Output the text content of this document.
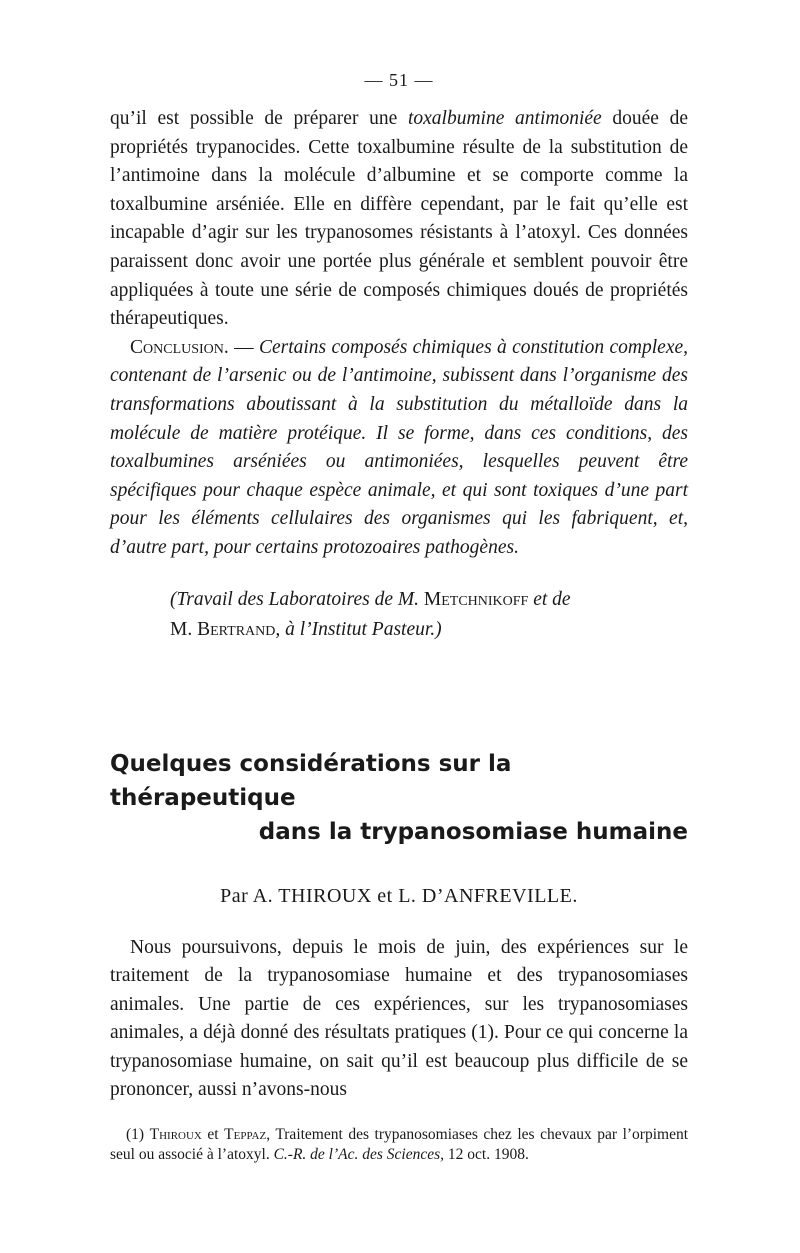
— 51 —

qu’il est possible de préparer une toxalbumine antimoniée douée de propriétés trypanocides. Cette toxalbumine résulte de la substitution de l’antimoine dans la molécule d’albumine et se comporte comme la toxalbumine arséniée. Elle en diffère cependant, par le fait qu’elle est incapable d’agir sur les trypanosomes résistants à l’atoxyl. Ces données paraissent donc avoir une portée plus générale et semblent pouvoir être appliquées à toute une série de composés chimiques doués de propriétés thérapeutiques.

Conclusion. — Certains composés chimiques à constitution complexe, contenant de l’arsenic ou de l’antimoine, subissent dans l’organisme des transformations aboutissant à la substitution du métalloïde dans la molécule de matière protéique. Il se forme, dans ces conditions, des toxalbumines arséniées ou antimoniées, lesquelles peuvent être spécifiques pour chaque espèce animale, et qui sont toxiques d’une part pour les éléments cellulaires des organismes qui les fabriquent, et, d’autre part, pour certains protozoaires pathogènes.

(Travail des Laboratoires de M. Metchnikoff et de
M. Bertrand, à l’Institut Pasteur.)
Quelques considérations sur la thérapeutique
dans la trypanosomiase humaine
Par A. THIROUX et L. D’ANFREVILLE.

Nous poursuivons, depuis le mois de juin, des expériences sur le traitement de la trypanosomiase humaine et des trypanosomiases animales. Une partie de ces expériences, sur les trypanosomiases animales, a déjà donné des résultats pratiques (1). Pour ce qui concerne la trypanosomiase humaine, on sait qu’il est beaucoup plus difficile de se prononcer, aussi n’avons-nous

(1) Thiroux et Teppaz, Traitement des trypanosomiases chez les chevaux par l’orpiment seul ou associé à l’atoxyl. C.-R. de l’Ac. des Sciences, 12 oct. 1908.
